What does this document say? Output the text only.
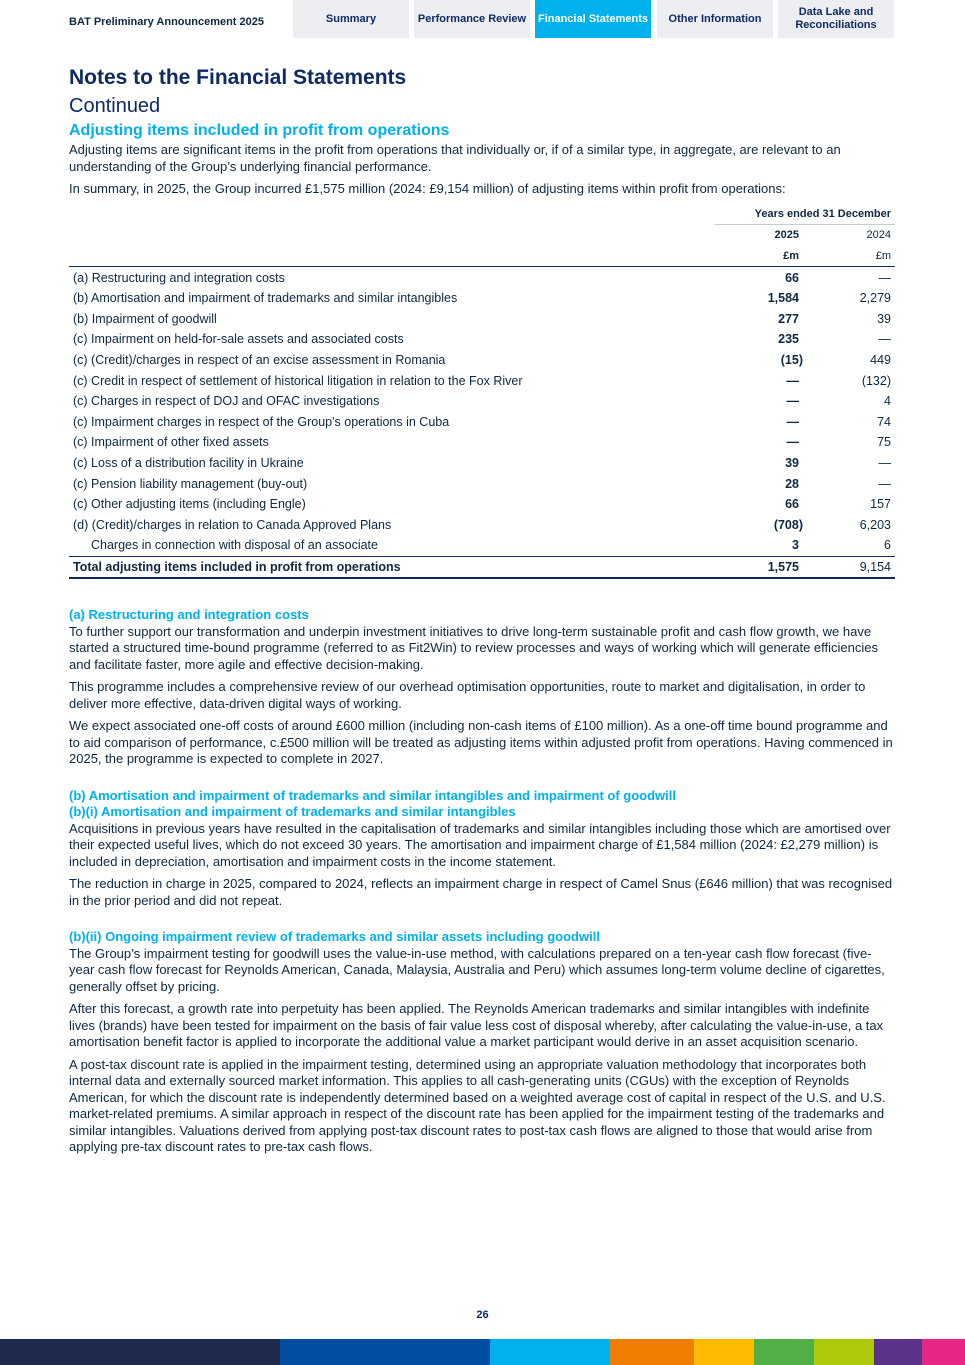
BAT Preliminary Announcement 2025	Summary	Performance Review	Financial Statements	Other Information
Data Lake and Reconciliations
Notes to the Financial Statements
Continued
Adjusting items included in profit from operations

Adjusting items are significant items in the profit from operations that individually or, if of a similar type, in aggregate, are relevant to an understanding of the Group’s underlying financial performance.

In summary, in 2025, the Group incurred £1,575 million (2024: £9,154 million) of adjusting items within profit from operations:

	Years ended 31 December	
	2025	2024
	£m	£m
(a) Restructuring and integration costs	66	—
(b) Amortisation and impairment of trademarks and similar intangibles	1,584	2,279
(b) Impairment of goodwill	277	39
(c) Impairment on held-for-sale assets and associated costs	235	—
(c) (Credit)/charges in respect of an excise assessment in Romania	(15)	449
(c) Credit in respect of settlement of historical litigation in relation to the Fox River	—	(132)
(c) Charges in respect of DOJ and OFAC investigations	—	4
(c) Impairment charges in respect of the Group's operations in Cuba	—	74
(c) Impairment of other fixed assets	—	75
(c) Loss of a distribution facility in Ukraine	39	—
(c) Pension liability management (buy-out)	28	—
(c) Other adjusting items (including Engle)	66	157
(d) (Credit)/charges in relation to Canada Approved Plans	(708)	6,203
Charges in connection with disposal of an associate	3	6
Total adjusting items included in profit from operations	1,575	9,154
(a) Restructuring and integration costs

To further support our transformation and underpin investment initiatives to drive long-term sustainable profit and cash flow growth, we have started a structured time-bound programme (referred to as Fit2Win) to review processes and ways of working which will generate efficiencies and facilitate faster, more agile and effective decision-making.

This programme includes a comprehensive review of our overhead optimisation opportunities, route to market and digitalisation, in order to deliver more effective, data-driven digital ways of working.

We expect associated one-off costs of around £600 million (including non-cash items of £100 million). As a one-off time bound programme and to aid comparison of performance, c.£500 million will be treated as adjusting items within adjusted profit from operations. Having commenced in 2025, the programme is expected to complete in 2027.

(b) Amortisation and impairment of trademarks and similar intangibles and impairment of goodwill
(b)(i) Amortisation and impairment of trademarks and similar intangibles

Acquisitions in previous years have resulted in the capitalisation of trademarks and similar intangibles including those which are amortised over their expected useful lives, which do not exceed 30 years. The amortisation and impairment charge of £1,584 million (2024: £2,279 million) is included in depreciation, amortisation and impairment costs in the income statement.

The reduction in charge in 2025, compared to 2024, reflects an impairment charge in respect of Camel Snus (£646 million) that was recognised in the prior period and did not repeat.

(b)(ii) Ongoing impairment review of trademarks and similar assets including goodwill

The Group’s impairment testing for goodwill uses the value-in-use method, with calculations prepared on a ten-year cash flow forecast (five-year cash flow forecast for Reynolds American, Canada, Malaysia, Australia and Peru) which assumes long-term volume decline of cigarettes, generally offset by pricing.

After this forecast, a growth rate into perpetuity has been applied. The Reynolds American trademarks and similar intangibles with indefinite lives (brands) have been tested for impairment on the basis of fair value less cost of disposal whereby, after calculating the value-in-use, a tax amortisation benefit factor is applied to incorporate the additional value a market participant would derive in an asset acquisition scenario.

A post-tax discount rate is applied in the impairment testing, determined using an appropriate valuation methodology that incorporates both internal data and externally sourced market information. This applies to all cash-generating units (CGUs) with the exception of Reynolds American, for which the discount rate is independently determined based on a weighted average cost of capital in respect of the U.S. and U.S. market-related premiums. A similar approach in respect of the discount rate has been applied for the impairment testing of the trademarks and similar intangibles. Valuations derived from applying post-tax discount rates to post-tax cash flows are aligned to those that would arise from applying pre-tax discount rates to pre-tax cash flows.

26
